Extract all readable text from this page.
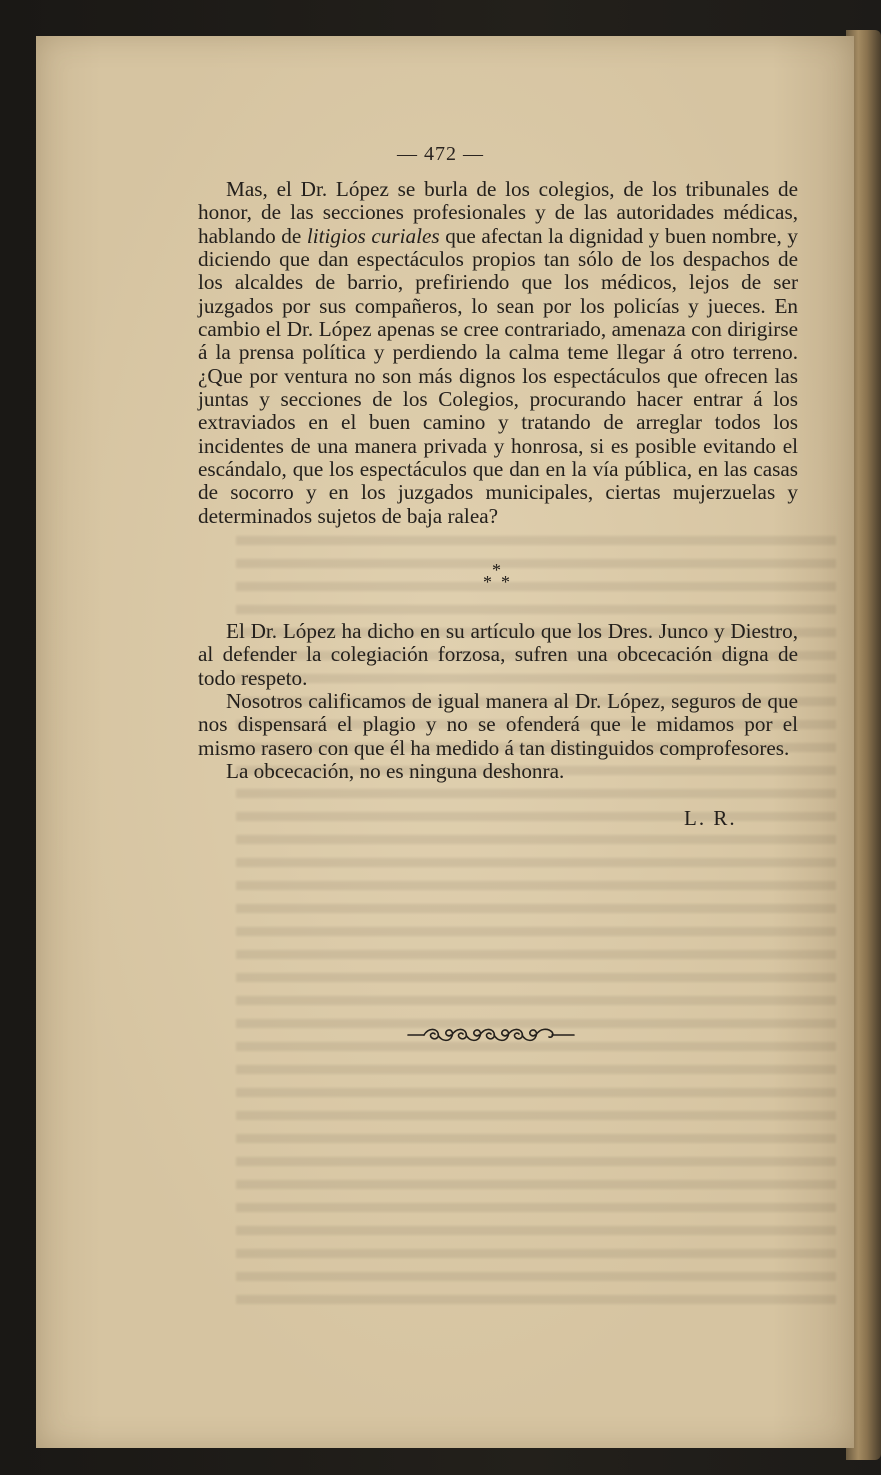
— 472 —

Mas, el Dr. López se burla de los colegios, de los tribunales de honor, de las secciones profesionales y de las autoridades médicas, hablando de litigios curiales que afectan la dignidad y buen nombre, y diciendo que dan espectáculos propios tan sólo de los despachos de los alcaldes de barrio, prefiriendo que los médicos, lejos de ser juzgados por sus compañeros, lo sean por los policías y jueces. En cambio el Dr. López apenas se cree contrariado, amenaza con dirigirse á la prensa política y perdiendo la calma teme llegar á otro terreno. ¿Que por ventura no son más dignos los espectáculos que ofrecen las juntas y secciones de los Colegios, procurando hacer entrar á los extraviados en el buen camino y tratando de arreglar todos los incidentes de una manera privada y honrosa, si es posible evitando el escándalo, que los espectáculos que dan en la vía pública, en las casas de socorro y en los juzgados municipales, ciertas mujerzuelas y determinados sujetos de baja ralea?

*
* *

El Dr. López ha dicho en su artículo que los Dres. Junco y Diestro, al defender la colegiación forzosa, sufren una obcecación digna de todo respeto.

Nosotros calificamos de igual manera al Dr. López, seguros de que nos dispensará el plagio y no se ofenderá que le midamos por el mismo rasero con que él ha medido á tan distinguidos comprofesores.

La obcecación, no es ninguna deshonra.

L. R.
